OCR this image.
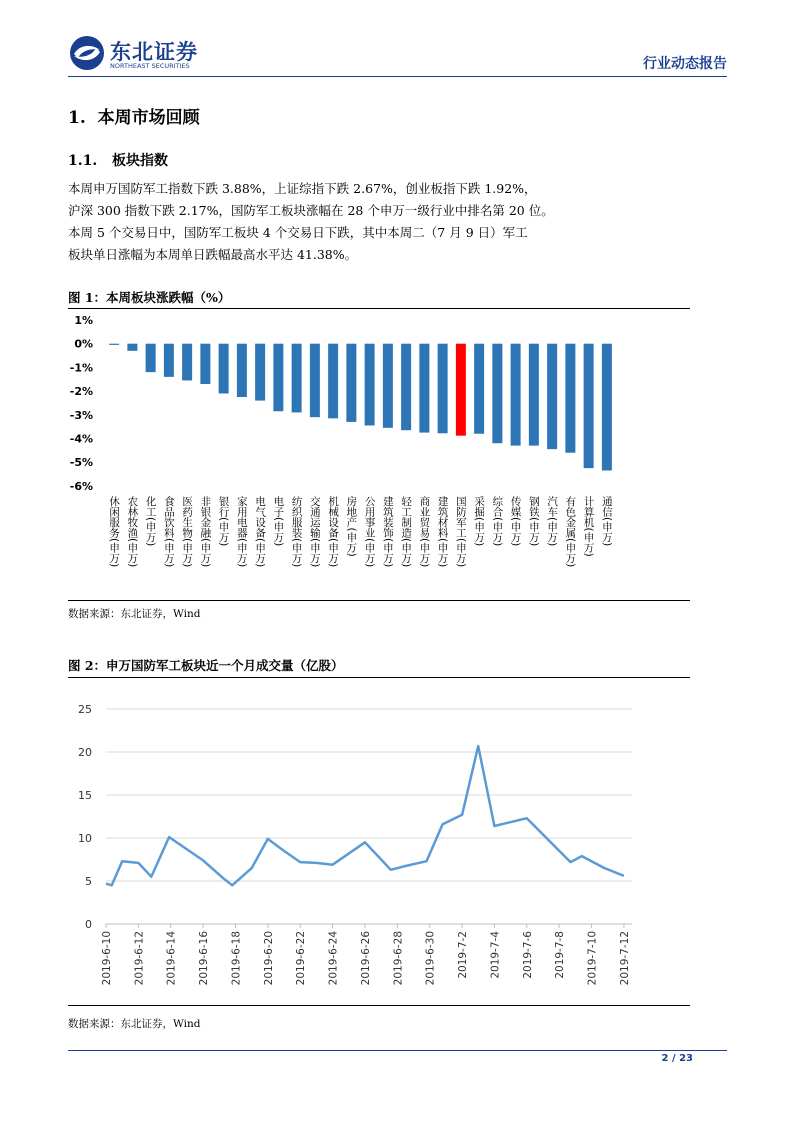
东北证券
NORTHEAST SECURITIES	行业动态报告
1. 本周市场回顾
1.1. 板块指数

本周申万国防军工指数下跌 3.88%，上证综指下跌 2.67%，创业板指下跌 1.92%，

沪深 300 指数下跌 2.17%，国防军工板块涨幅在 28 个申万一级行业中排名第 20 位。

本周 5 个交易日中，国防军工板块 4 个交易日下跌，其中本周二（7 月 9 日）军工

板块单日涨幅为本周单日跌幅最高水平达 41.38%。

图 1：本周板块涨跌幅（%）
1%
0%
-1%
-2%
-3%
-4%
-5%
-6%
休闲服务(申万) 农林牧渔(申万) 化工(申万) 食品饮料(申万) 医药生物(申万) 非银金融(申万) 银行(申万) 家用电器(申万) 电气设备(申万) 电子(申万) 纺织服装(申万) 交通运输(申万) 机械设备(申万) 房地产(申万) 公用事业(申万) 建筑装饰(申万) 轻工制造(申万) 商业贸易(申万) 建筑材料(申万) 国防军工(申万) 采掘(申万) 综合(申万) 传媒(申万) 钢铁(申万) 汽车(申万) 有色金属(申万) 计算机(申万) 通信(申万)
数据来源：东北证券，Wind
图 2：申万国防军工板块近一个月成交量（亿股）
0
5
10
15
20
25
2019-6-10 2019-6-12 2019-6-14 2019-6-16 2019-6-18 2019-6-20 2019-6-22 2019-6-24 2019-6-26 2019-6-28 2019-6-30 2019-7-2 2019-7-4 2019-7-6 2019-7-8 2019-7-10 2019-7-12
数据来源：东北证券，Wind
2 / 23
